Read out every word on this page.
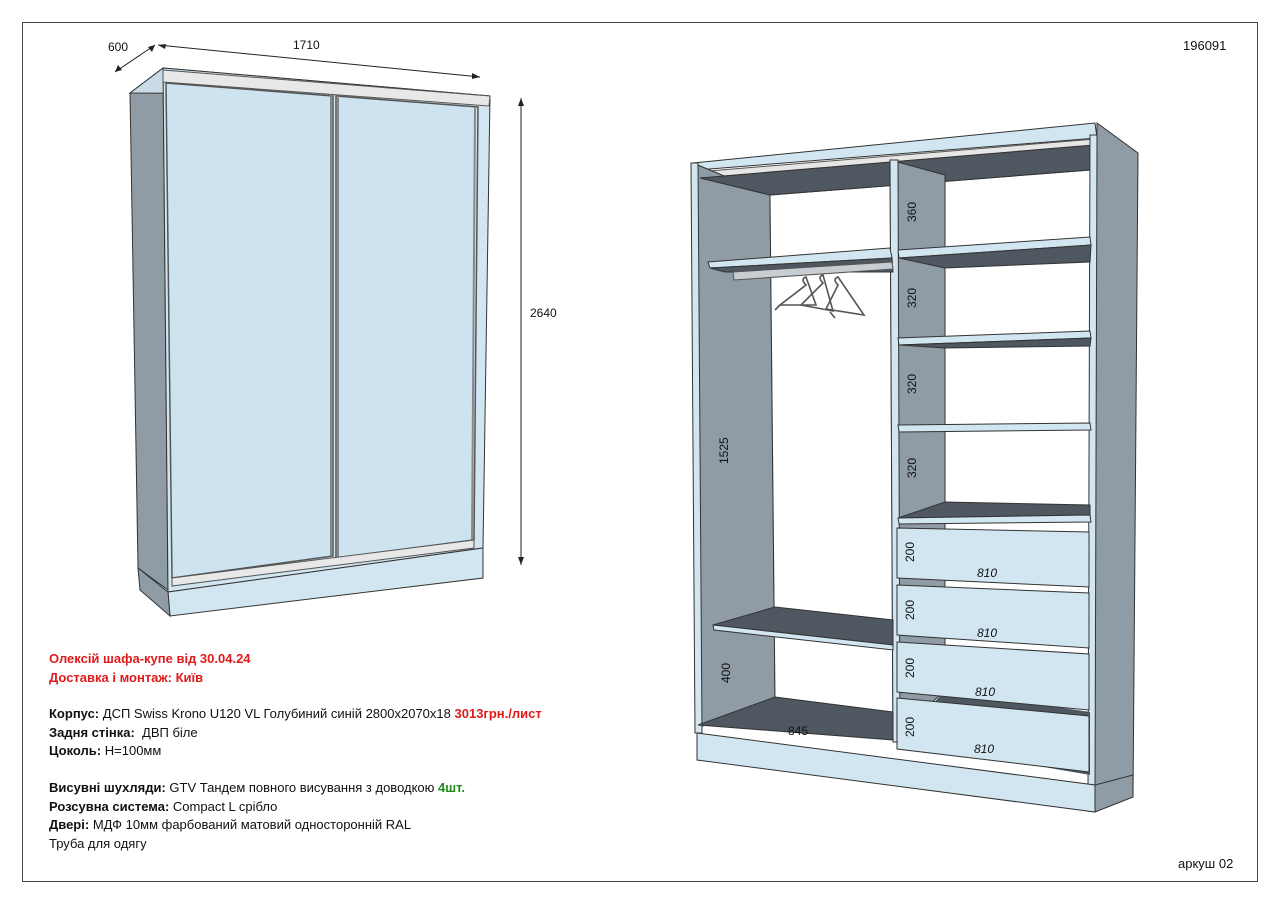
600	1710
2640
1525
400
845
360
320
320
320
200
200
200
200
810
810
810
810
196091
аркуш 02
Олексій шафа-купе від 30.04.24
Доставка і монтаж: Київ
Корпус: ДСП Swiss Krono U120 VL Голубиний синій 2800x2070x18 3013грн./лист
Задня стінка: ДВП біле
Цоколь: H=100мм
Висувні шухляди: GTV Тандем повного висування з доводкою 4шт.
Розсувна система: Compact L срібло
Двері: МДФ 10мм фарбований матовий односторонній RAL
Труба для одягу
